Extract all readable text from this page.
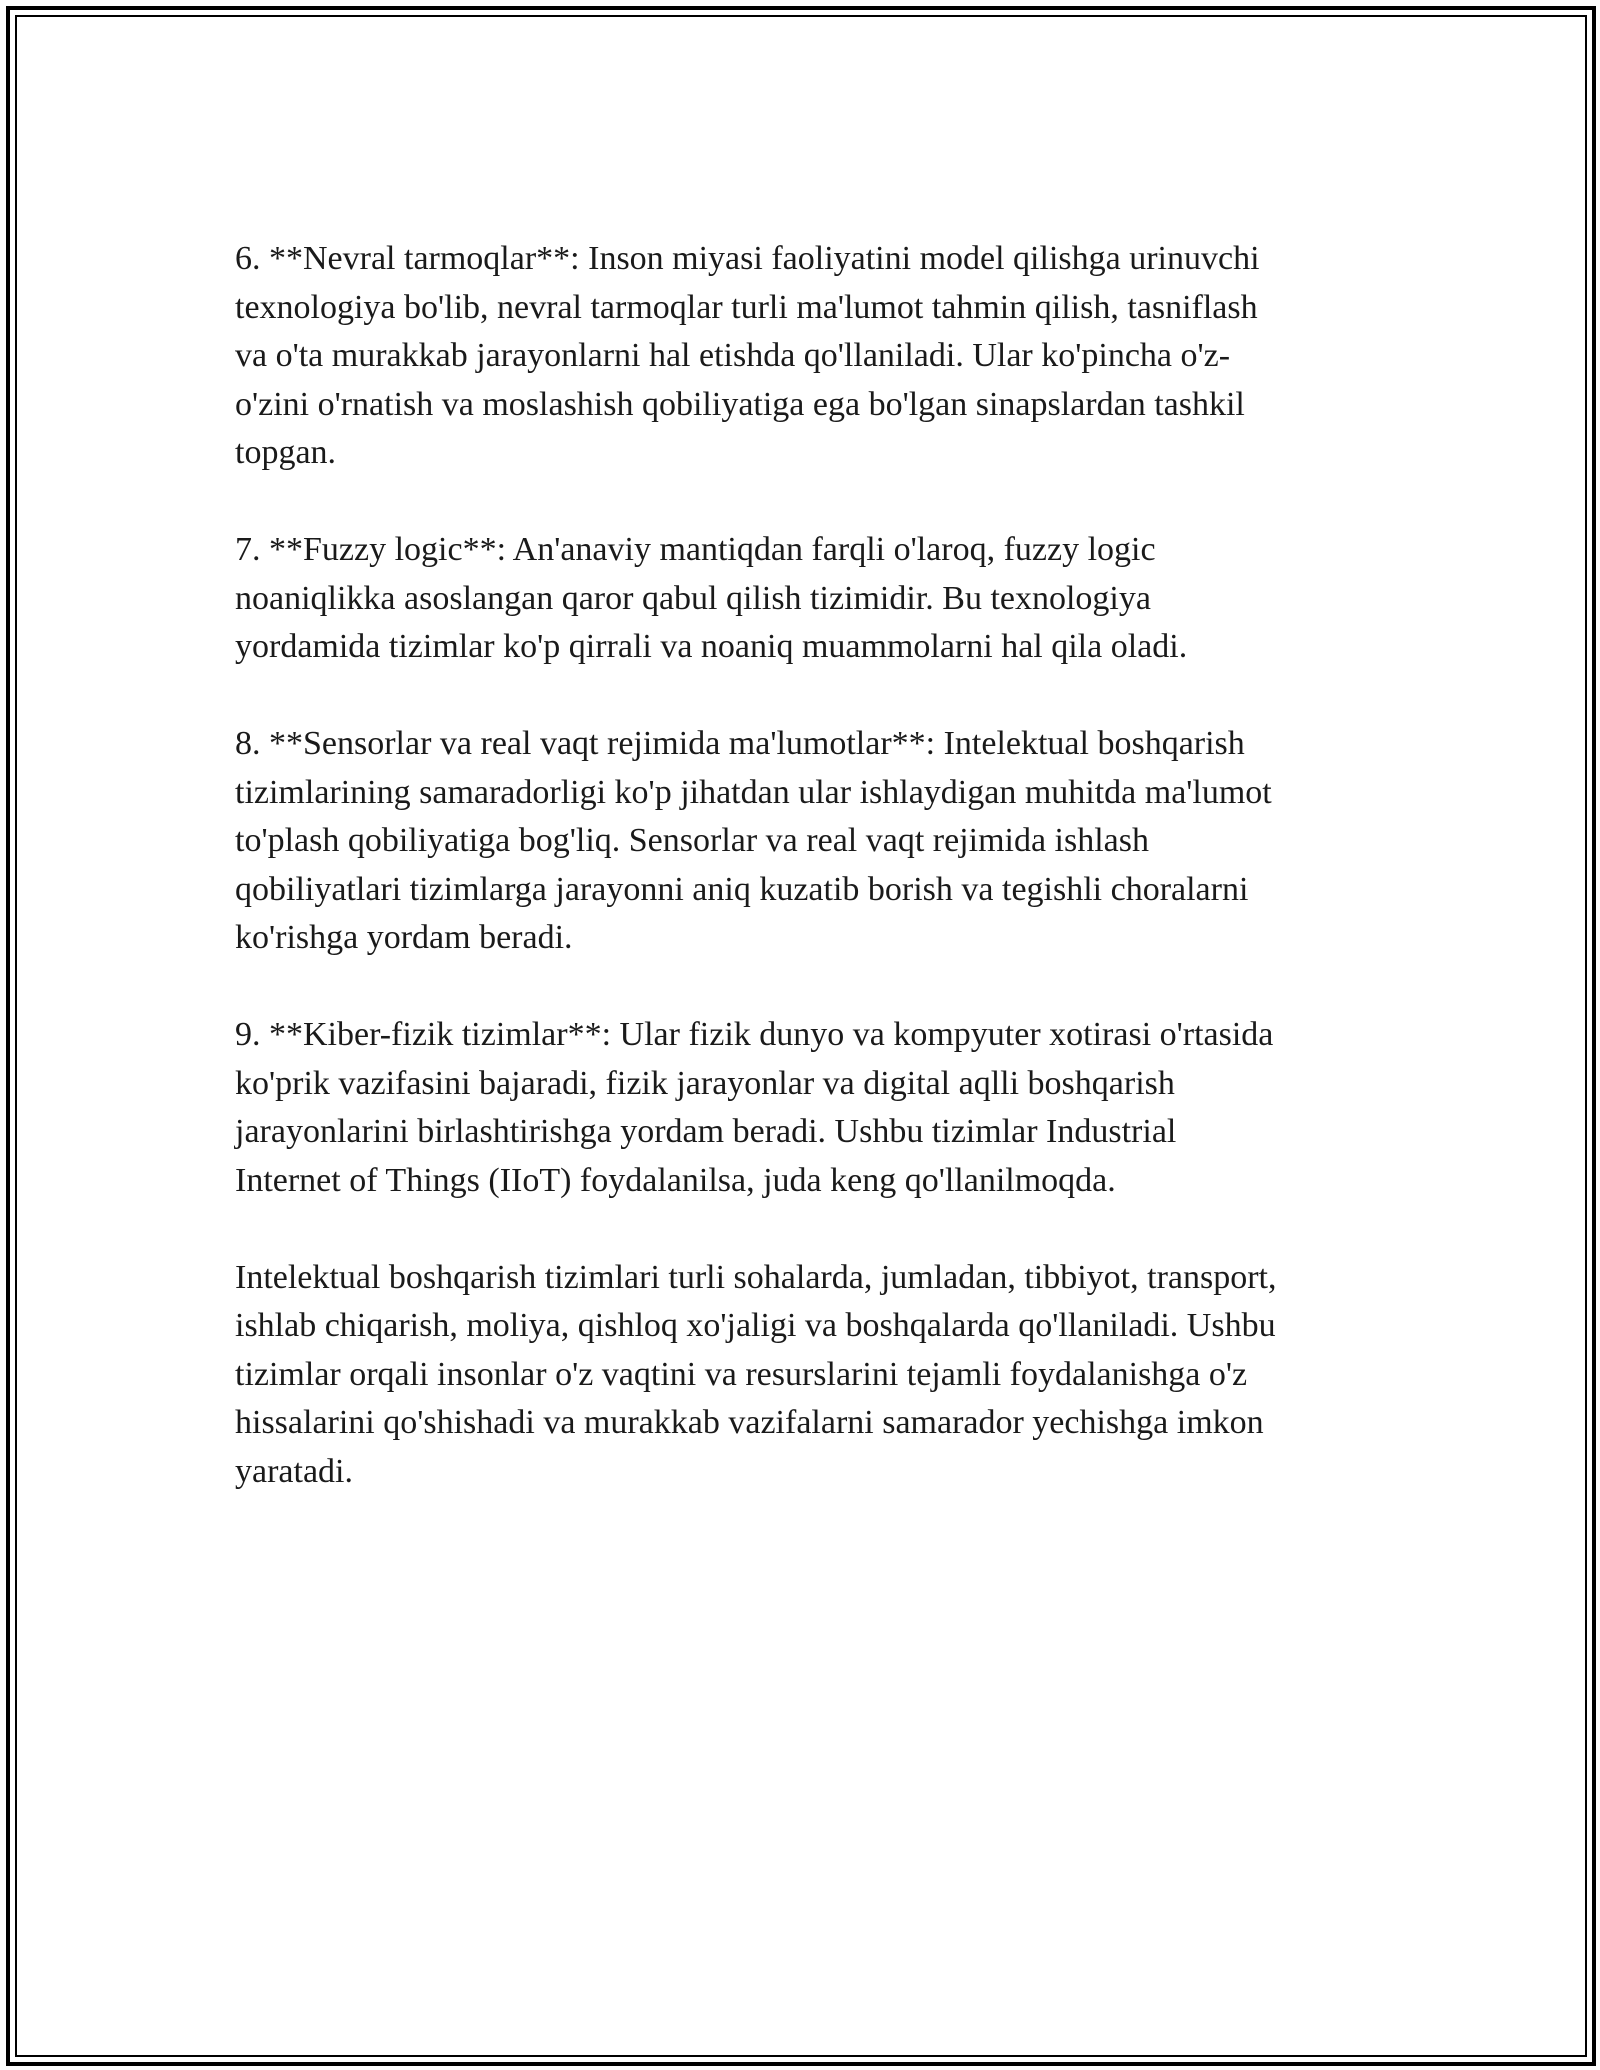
6. **Nevral tarmoqlar**: Inson miyasi faoliyatini model qilishga urinuvchi
texnologiya bo'lib, nevral tarmoqlar turli ma'lumot tahmin qilish, tasniflash
va o'ta murakkab jarayonlarni hal etishda qo'llaniladi. Ular ko'pincha o'z-
o'zini o'rnatish va moslashish qobiliyatiga ega bo'lgan sinapslardan tashkil
topgan.

7. **Fuzzy logic**: An'anaviy mantiqdan farqli o'laroq, fuzzy logic
noaniqlikka asoslangan qaror qabul qilish tizimidir. Bu texnologiya
yordamida tizimlar ko'p qirrali va noaniq muammolarni hal qila oladi.

8. **Sensorlar va real vaqt rejimida ma'lumotlar**: Intelektual boshqarish
tizimlarining samaradorligi ko'p jihatdan ular ishlaydigan muhitda ma'lumot
to'plash qobiliyatiga bog'liq. Sensorlar va real vaqt rejimida ishlash
qobiliyatlari tizimlarga jarayonni aniq kuzatib borish va tegishli choralarni
ko'rishga yordam beradi.

9. **Kiber-fizik tizimlar**: Ular fizik dunyo va kompyuter xotirasi o'rtasida
ko'prik vazifasini bajaradi, fizik jarayonlar va digital aqlli boshqarish
jarayonlarini birlashtirishga yordam beradi. Ushbu tizimlar Industrial
Internet of Things (IIoT) foydalanilsa, juda keng qo'llanilmoqda.

Intelektual boshqarish tizimlari turli sohalarda, jumladan, tibbiyot, transport,
ishlab chiqarish, moliya, qishloq xo'jaligi va boshqalarda qo'llaniladi. Ushbu
tizimlar orqali insonlar o'z vaqtini va resurslarini tejamli foydalanishga o'z
hissalarini qo'shishadi va murakkab vazifalarni samarador yechishga imkon
yaratadi.
